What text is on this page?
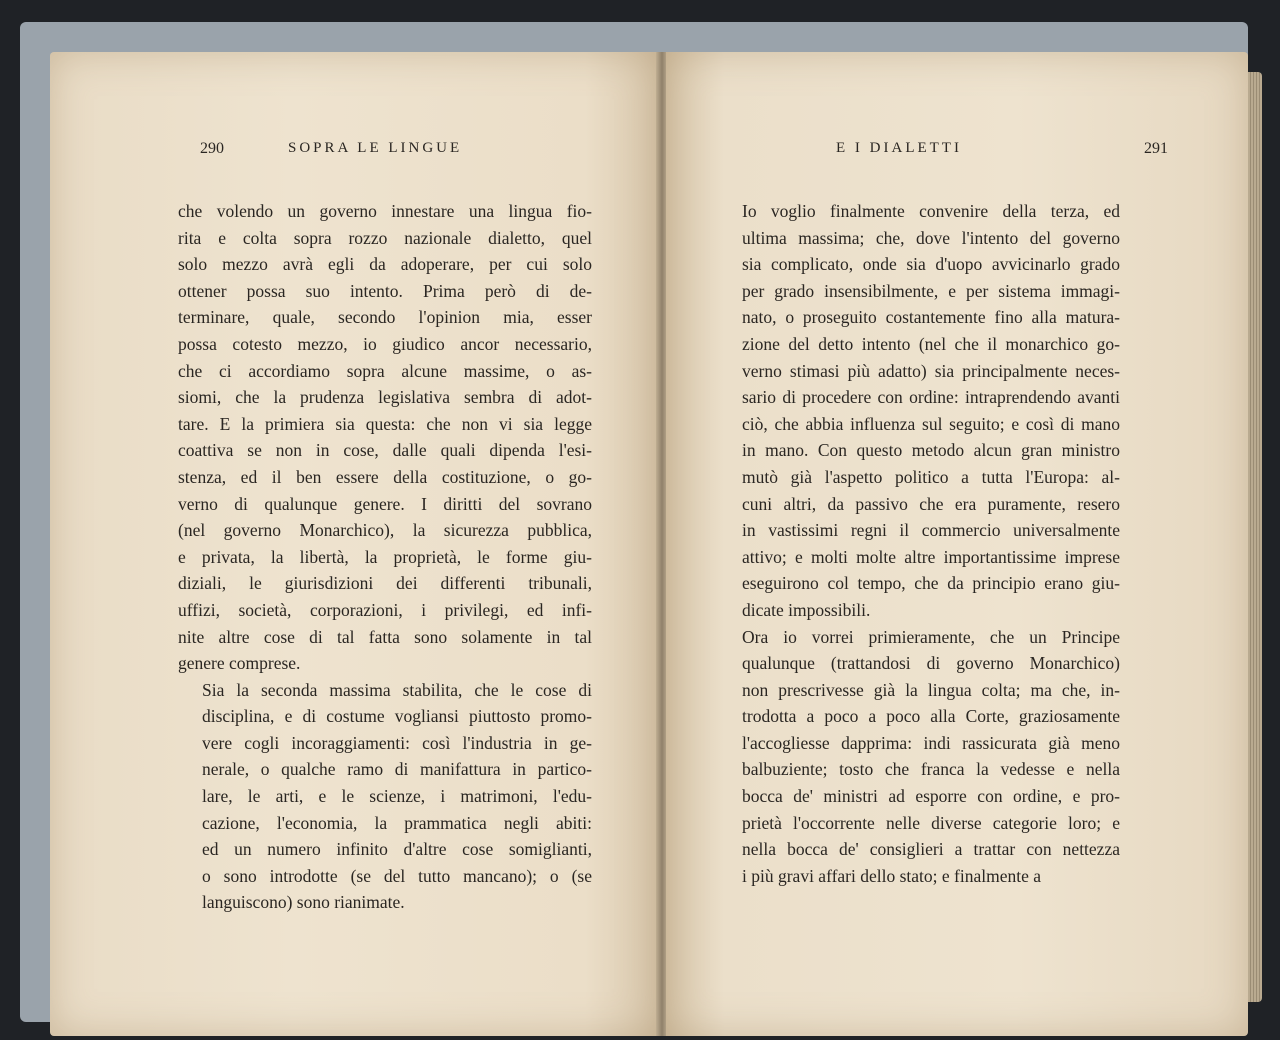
290	SOPRA LE LINGUE

che volendo un governo innestare una lingua fio-
rita e colta sopra rozzo nazionale dialetto, quel
solo mezzo avrà egli da adoperare, per cui solo
ottener possa suo intento. Prima però di de-
terminare, quale, secondo l'opinion mia, esser
possa cotesto mezzo, io giudico ancor necessario,
che ci accordiamo sopra alcune massime, o as-
siomi, che la prudenza legislativa sembra di adot-
tare. E la primiera sia questa: che non vi sia legge
coattiva se non in cose, dalle quali dipenda l'esi-
stenza, ed il ben essere della costituzione, o go-
verno di qualunque genere. I diritti del sovrano
(nel governo Monarchico), la sicurezza pubblica,
e privata, la libertà, la proprietà, le forme giu-
diziali, le giurisdizioni dei differenti tribunali,
uffizi, società, corporazioni, i privilegi, ed infi-
nite altre cose di tal fatta sono solamente in tal
genere comprese.

Sia la seconda massima stabilita, che le cose di
disciplina, e di costume vogliansi piuttosto promo-
vere cogli incoraggiamenti: così l'industria in ge-
nerale, o qualche ramo di manifattura in partico-
lare, le arti, e le scienze, i matrimoni, l'edu-
cazione, l'economia, la prammatica negli abiti:
ed un numero infinito d'altre cose somiglianti,
o sono introdotte (se del tutto mancano); o (se
languiscono) sono rianimate.

E I DIALETTI	291

Io voglio finalmente convenire della terza, ed
ultima massima; che, dove l'intento del governo
sia complicato, onde sia d'uopo avvicinarlo grado
per grado insensibilmente, e per sistema immagi-
nato, o proseguito costantemente fino alla matura-
zione del detto intento (nel che il monarchico go-
verno stimasi più adatto) sia principalmente neces-
sario di procedere con ordine: intraprendendo avanti
ciò, che abbia influenza sul seguito; e così di mano
in mano. Con questo metodo alcun gran ministro
mutò già l'aspetto politico a tutta l'Europa: al-
cuni altri, da passivo che era puramente, resero
in vastissimi regni il commercio universalmente
attivo; e molti molte altre importantissime imprese
eseguirono col tempo, che da principio erano giu-
dicate impossibili.

Ora io vorrei primieramente, che un Principe
qualunque (trattandosi di governo Monarchico)
non prescrivesse già la lingua colta; ma che, in-
trodotta a poco a poco alla Corte, graziosamente
l'accogliesse dapprima: indi rassicurata già meno
balbuziente; tosto che franca la vedesse e nella
bocca de' ministri ad esporre con ordine, e pro-
prietà l'occorrente nelle diverse categorie loro; e
nella bocca de' consiglieri a trattar con nettezza
i più gravi affari dello stato; e finalmente a
